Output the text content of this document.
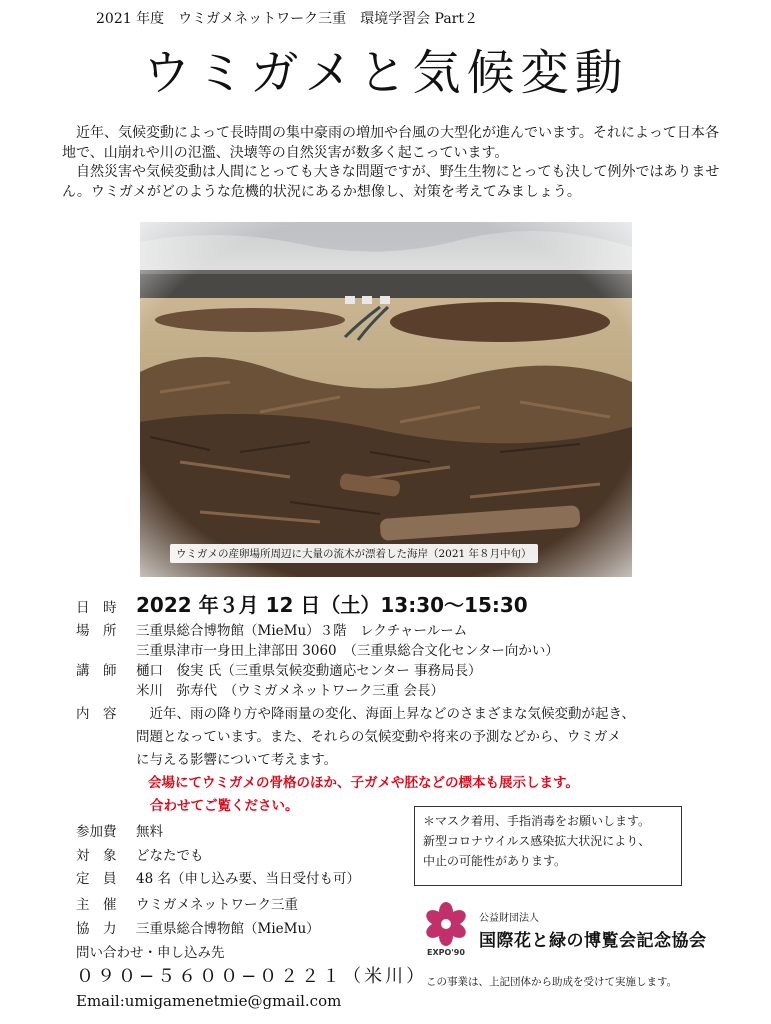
2021 年度　ウミガメネットワーク三重　環境学習会 Part２
ウミガメと気候変動

近年、気候変動によって長時間の集中豪雨の増加や台風の大型化が進んでいます。それによって日本各地で、山崩れや川の氾濫、決壊等の自然災害が数多く起こっています。

自然災害や気候変動は人間にとっても大きな問題ですが、野生生物にとっても決して例外ではありません。ウミガメがどのような危機的状況にあるか想像し、対策を考えてみましょう。

ウミガメの産卵場所周辺に大量の流木が漂着した海岸（2021 年８月中旬）
日　時 2022 年３月 12 日（土）13:30〜15:30
場　所 三重県総合博物館（MieMu）３階　レクチャールーム
三重県津市一身田上津部田 3060　（三重県総合文化センター向かい）
講　師 樋口　俊実 氏（三重県気候変動適応センター 事務局長）
米川　弥寿代　（ウミガメネットワーク三重 会長）
内　容 　近年、雨の降り方や降雨量の変化、海面上昇などのさまざまな気候変動が起き、
問題となっています。また、それらの気候変動や将来の予測などから、ウミガメ
に与える影響について考えます。
会場にてウミガメの骨格のほか、子ガメや胚などの標本も展示します。
合わせてご覧ください。
参加費 無料
対　象 どなたでも
定　員 48 名（申し込み要、当日受付も可）
主　催 ウミガメネットワーク三重
協　力 三重県総合博物館（MieMu）
問い合わせ・申し込み先
０９０−５６００−０２２１（米川）
Email:umigamenetmie@gmail.com
＊マスク着用、手指消毒をお願いします。
新型コロナウイルス感染拡大状況により、
中止の可能性があります。
EXPO'90
公益財団法人
国際花と緑の博覧会記念協会
この事業は、上記団体から助成を受けて実施します。
